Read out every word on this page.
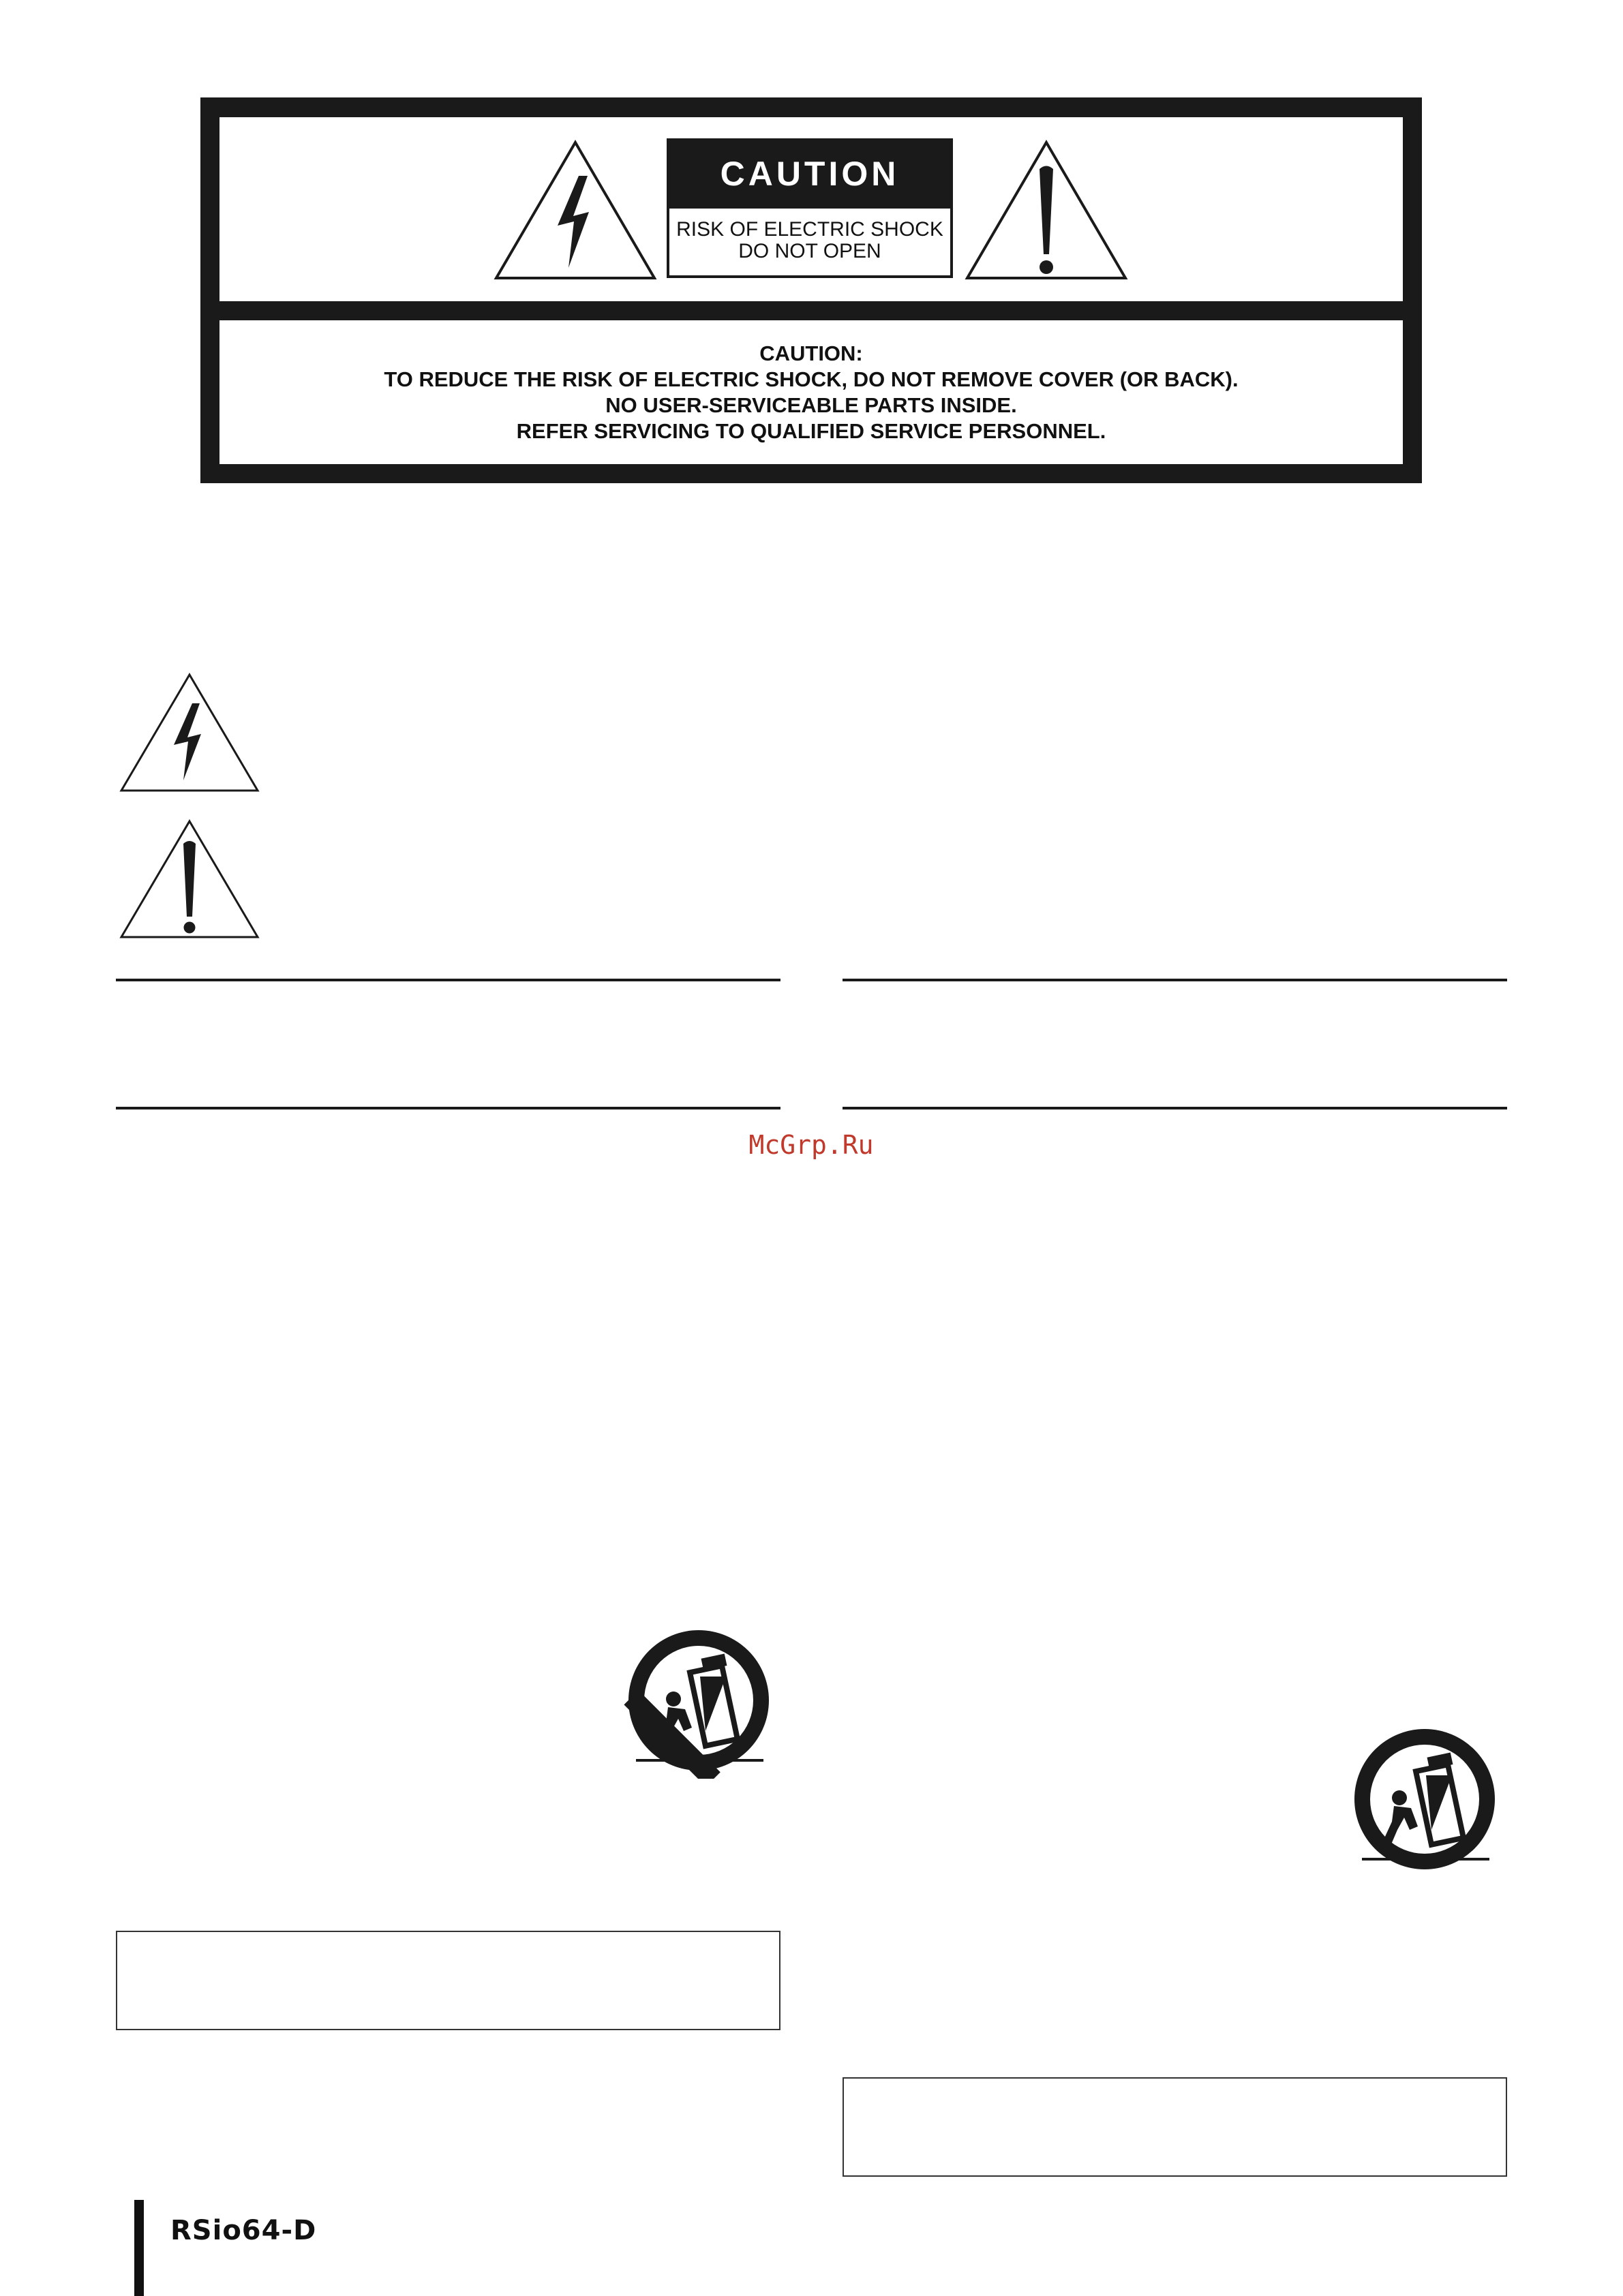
CAUTION
RISK OF ELECTRIC SHOCK
DO NOT OPEN
CAUTION:
TO REDUCE THE RISK OF ELECTRIC SHOCK, DO NOT REMOVE COVER (OR BACK).
NO USER-SERVICEABLE PARTS INSIDE.
REFER SERVICING TO QUALIFIED SERVICE PERSONNEL.
McGrp.Ru
RSio64-D
